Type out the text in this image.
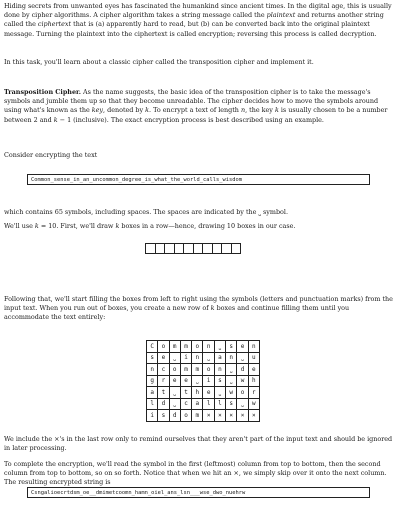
Hiding secrets from unwanted eyes has fascinated the humankind since ancient times. In the digital age, this is usually done by cipher algorithms. A cipher algorithm takes a string message called the plaintext and returns another string called the ciphertext that is (a) apparently hard to read, but (b) can be converted back into the original plaintext message. Turning the plaintext into the ciphertext is called encryption; reversing this process is called decryption.

In this task, you'll learn about a classic cipher called the transposition cipher and implement it.

Transposition Cipher. As the name suggests, the basic idea of the transposition cipher is to take the message's symbols and jumble them up so that they become unreadable. The cipher decides how to move the symbols around using what's known as the key, denoted by k. To encrypt a text of length n, the key k is usually chosen to be a number between 2 and k − 1 (inclusive). The exact encryption process is best described using an example.

Consider encrypting the text

Common_sense_in_an_uncommon_degree_is_what_the_world_calls_wisdom

which contains 65 symbols, including spaces. The spaces are indicated by the ˽ symbol.

We'll use k = 10. First, we'll draw k boxes in a row—hence, drawing 10 boxes in our case.

Following that, we'll start filling the boxes from left to right using the symbols (letters and punctuation marks) from the input text. When you run out of boxes, you create a new row of k boxes and continue filling them until you accommodate the text entirely:

C	o	m	m	o	n	˽	s	e	n
s	e	˽	i	n	˽	a	n	˽	u
n	c	o	m	m	o	n	˽	d	e
g	r	e	e	˽	i	s	˽	w	h
a	t	˽	t	h	e	˽	w	o	r
l	d	˽	c	a	l	l	s	˽	w
i	s	d	o	m	×	×	×	×	×

We include the ×'s in the last row only to remind ourselves that they aren't part of the input text and should be ignored in later processing.

To complete the encryption, we'll read the symbol in the first (leftmost) column from top to bottom, then the second column from top to bottom, so on so forth. Notice that when we hit an ×, we simply skip over it onto the next column. The resulting encrypted string is

Csngalioecrtdsm_oe__dmimetcoomn_hamn_oiel_ans_lsn___wse_dwo_nuehrw
